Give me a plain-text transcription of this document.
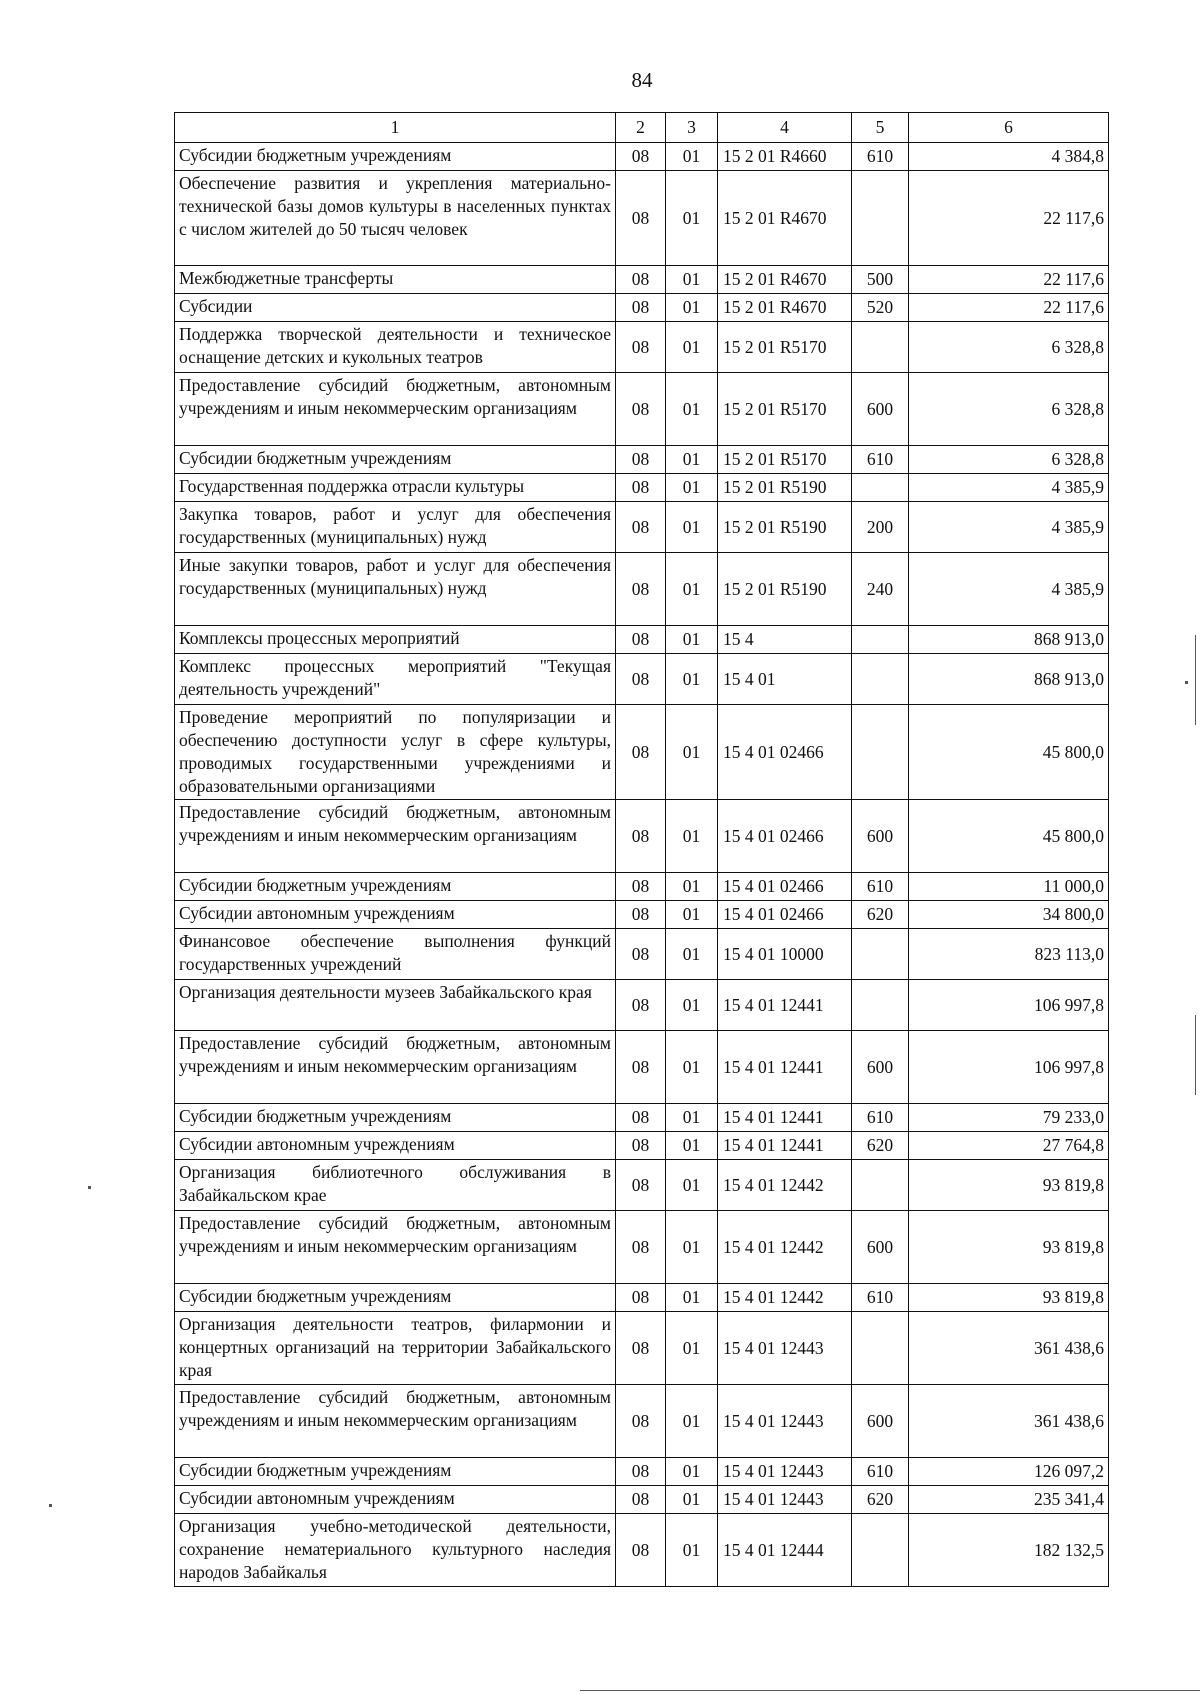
84
1	2	3	4	5	6
Субсидии бюджетным учреждениям	08	01	15 2 01 R4660	610	4 384,8
Обеспечение развития и укрепления материально-технической базы домов культуры в населенных пунктах с числом жителей до 50 тысяч человек	08	01	15 2 01 R4670		22 117,6
Межбюджетные трансферты	08	01	15 2 01 R4670	500	22 117,6
Субсидии	08	01	15 2 01 R4670	520	22 117,6
Поддержка творческой деятельности и техническое оснащение детских и кукольных театров	08	01	15 2 01 R5170		6 328,8
Предоставление субсидий бюджетным, автономным учреждениям и иным некоммерческим организациям	08	01	15 2 01 R5170	600	6 328,8
Субсидии бюджетным учреждениям	08	01	15 2 01 R5170	610	6 328,8
Государственная поддержка отрасли культуры	08	01	15 2 01 R5190		4 385,9
Закупка товаров, работ и услуг для обеспечения государственных (муниципальных) нужд	08	01	15 2 01 R5190	200	4 385,9
Иные закупки товаров, работ и услуг для обеспечения государственных (муниципальных) нужд	08	01	15 2 01 R5190	240	4 385,9
Комплексы процессных мероприятий	08	01	15 4		868 913,0
Комплекс процессных мероприятий "Текущая деятельность учреждений"	08	01	15 4 01		868 913,0
Проведение мероприятий по популяризации и обеспечению доступности услуг в сфере культуры, проводимых государственными учреждениями и образовательными организациями	08	01	15 4 01 02466		45 800,0
Предоставление субсидий бюджетным, автономным учреждениям и иным некоммерческим организациям	08	01	15 4 01 02466	600	45 800,0
Субсидии бюджетным учреждениям	08	01	15 4 01 02466	610	11 000,0
Субсидии автономным учреждениям	08	01	15 4 01 02466	620	34 800,0
Финансовое обеспечение выполнения функций государственных учреждений	08	01	15 4 01 10000		823 113,0
Организация деятельности музеев Забайкальского края	08	01	15 4 01 12441		106 997,8
Предоставление субсидий бюджетным, автономным учреждениям и иным некоммерческим организациям	08	01	15 4 01 12441	600	106 997,8
Субсидии бюджетным учреждениям	08	01	15 4 01 12441	610	79 233,0
Субсидии автономным учреждениям	08	01	15 4 01 12441	620	27 764,8
Организация библиотечного обслуживания в Забайкальском крае	08	01	15 4 01 12442		93 819,8
Предоставление субсидий бюджетным, автономным учреждениям и иным некоммерческим организациям	08	01	15 4 01 12442	600	93 819,8
Субсидии бюджетным учреждениям	08	01	15 4 01 12442	610	93 819,8
Организация деятельности театров, филармонии и концертных организаций на территории Забайкальского края	08	01	15 4 01 12443		361 438,6
Предоставление субсидий бюджетным, автономным учреждениям и иным некоммерческим организациям	08	01	15 4 01 12443	600	361 438,6
Субсидии бюджетным учреждениям	08	01	15 4 01 12443	610	126 097,2
Субсидии автономным учреждениям	08	01	15 4 01 12443	620	235 341,4
Организация учебно-методической деятельности, сохранение нематериального культурного наследия народов Забайкалья	08	01	15 4 01 12444		182 132,5
